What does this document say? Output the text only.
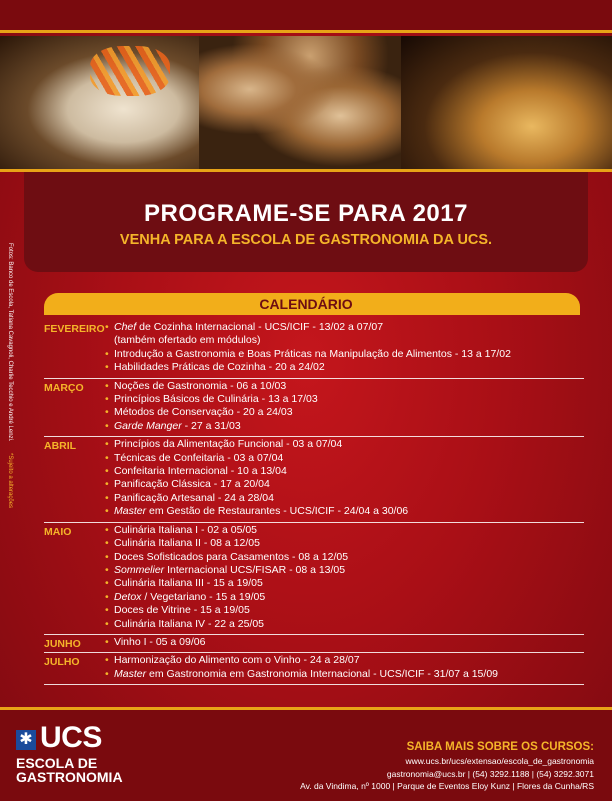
PROGRAME-SE PARA 2017
VENHA PARA A ESCOLA DE GASTRONOMIA DA UCS.
CALENDÁRIO
FEVEREIRO • Chef de Cozinha Internacional - UCS/ICIF - 13/02 a 07/07
(também ofertado em módulos)
• Introdução a Gastronomia e Boas Práticas na Manipulação de Alimentos - 13 a 17/02
• Habilidades Práticas de Cozinha - 20 a 24/02
MARÇO	• Noções de Gastronomia - 06 a 10/03
• Princípios Básicos de Culinária - 13 a 17/03
• Métodos de Conservação - 20 a 24/03
• Garde Manger - 27 a 31/03
ABRIL	• Princípios da Alimentação Funcional - 03 a 07/04
• Técnicas de Confeitaria - 03 a 07/04
• Confeitaria Internacional - 10 a 13/04
• Panificação Clássica - 17 a 20/04
• Panificação Artesanal - 24 a 28/04
• Master em Gestão de Restaurantes - UCS/ICIF - 24/04 a 30/06
MAIO	• Culinária Italiana I - 02 a 05/05
• Culinária Italiana II - 08 a 12/05
• Doces Sofisticados para Casamentos - 08 a 12/05
• Sommelier Internacional UCS/FISAR - 08 a 13/05
• Culinária Italiana III - 15 a 19/05
• Detox / Vegetariano - 15 a 19/05
• Doces de Vitrine - 15 a 19/05
• Culinária Italiana IV - 22 a 25/05
JUNHO	• Vinho I - 05 a 09/06
JULHO	• Harmonização do Alimento com o Vinho - 24 a 28/07
• Master em Gastronomia em Gastronomia Internacional - UCS/ICIF - 31/07 a 15/09
Fotos: Banco de Escola, Tatiana Cavagnoli, Charlie Tecchio e André Lenzi.
*Sujeito a alterações
✱ UCS
ESCOLA DE
GASTRONOMIA
SAIBA MAIS SOBRE OS CURSOS:
www.ucs.br/ucs/extensao/escola_de_gastronomia
gastronomia@ucs.br | (54) 3292.1188 | (54) 3292.3071
Av. da Vindima, nº 1000 | Parque de Eventos Eloy Kunz | Flores da Cunha/RS
